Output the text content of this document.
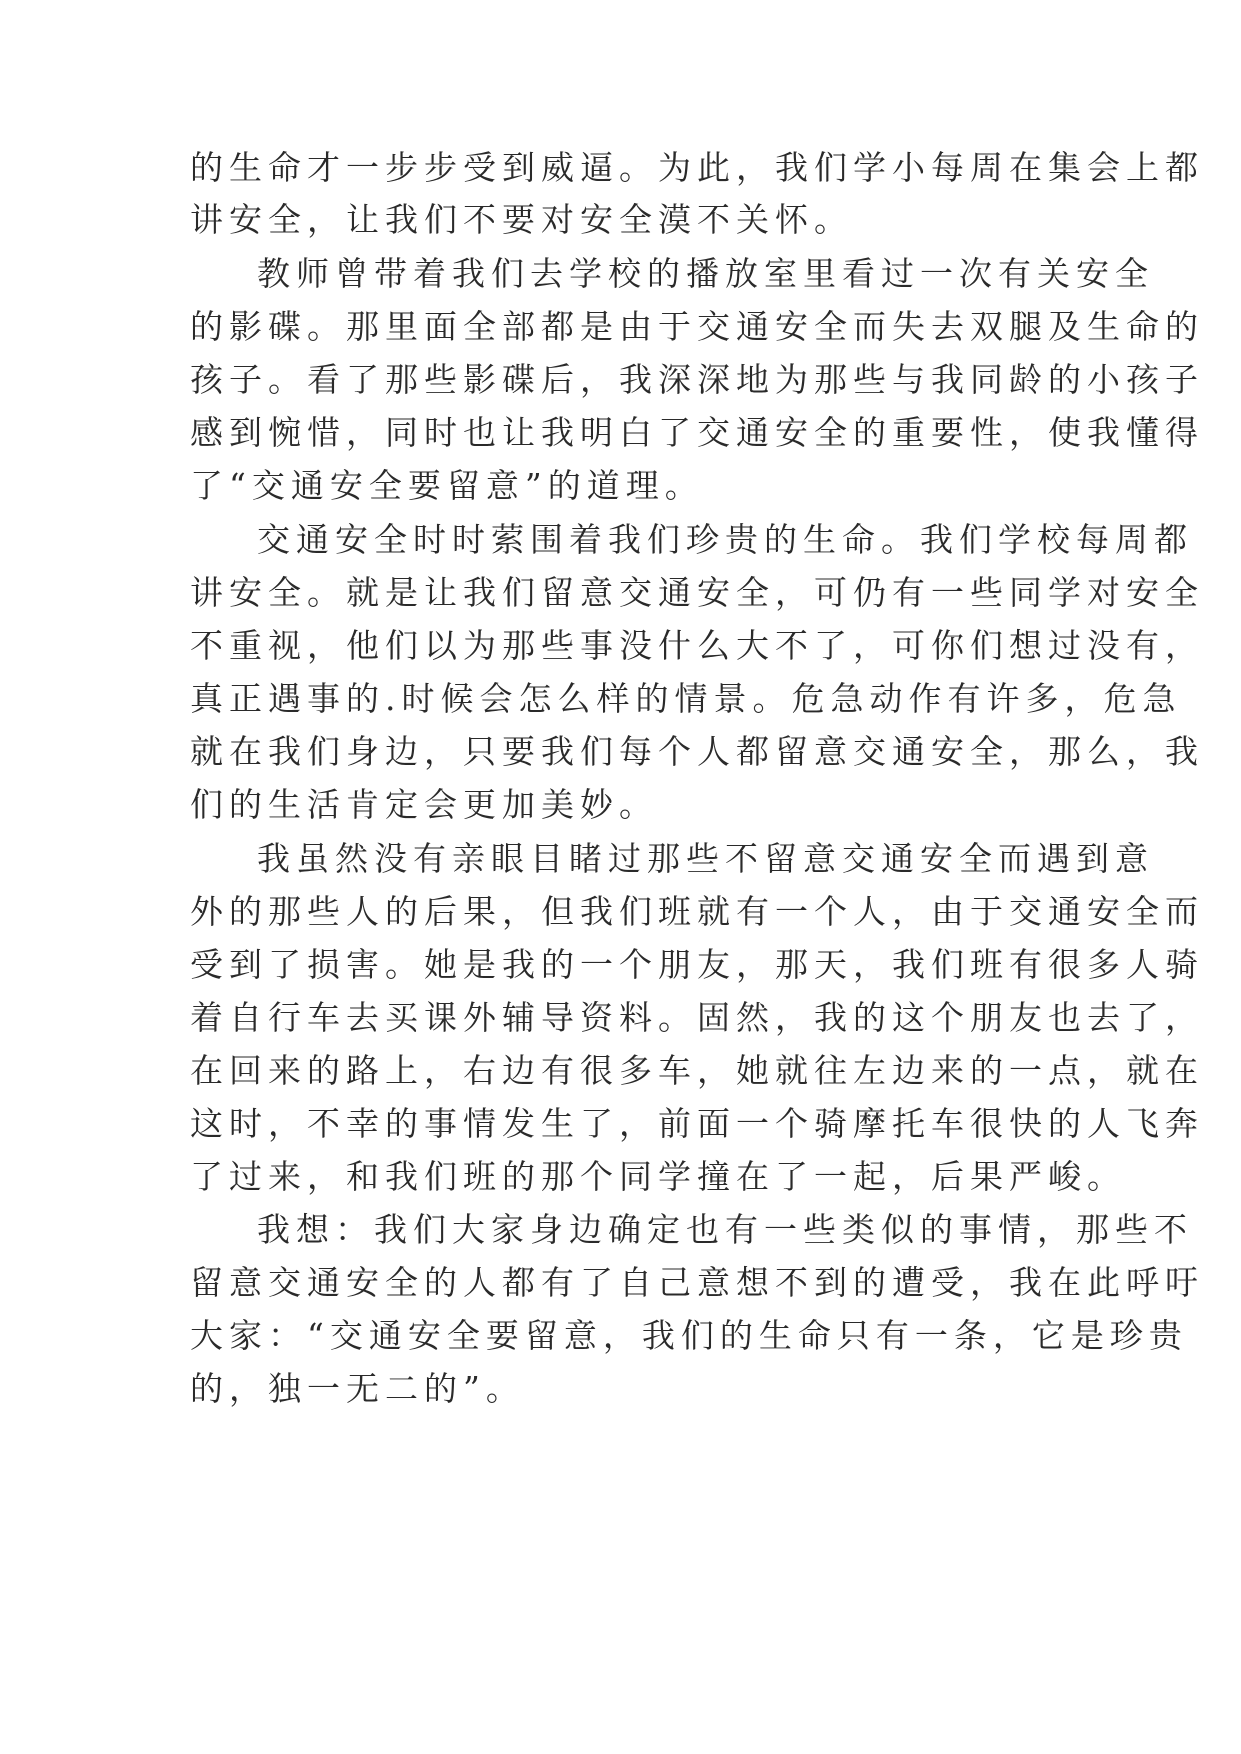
的生命才一步步受到威逼。为此，我们学小每周在集会上都
讲安全，让我们不要对安全漠不关怀。
教师曾带着我们去学校的播放室里看过一次有关安全
的影碟。那里面全部都是由于交通安全而失去双腿及生命的
孩子。看了那些影碟后，我深深地为那些与我同龄的小孩子
感到惋惜，同时也让我明白了交通安全的重要性，使我懂得
了“交通安全要留意”的道理。
交通安全时时萦围着我们珍贵的生命。我们学校每周都
讲安全。就是让我们留意交通安全，可仍有一些同学对安全
不重视，他们以为那些事没什么大不了，可你们想过没有，
真正遇事的.时候会怎么样的情景。危急动作有许多，危急
就在我们身边，只要我们每个人都留意交通安全，那么，我
们的生活肯定会更加美妙。
我虽然没有亲眼目睹过那些不留意交通安全而遇到意
外的那些人的后果，但我们班就有一个人，由于交通安全而
受到了损害。她是我的一个朋友，那天，我们班有很多人骑
着自行车去买课外辅导资料。固然，我的这个朋友也去了，
在回来的路上，右边有很多车，她就往左边来的一点，就在
这时，不幸的事情发生了，前面一个骑摩托车很快的人飞奔
了过来，和我们班的那个同学撞在了一起，后果严峻。
我想：我们大家身边确定也有一些类似的事情，那些不
留意交通安全的人都有了自己意想不到的遭受，我在此呼吁
大家：“交通安全要留意，我们的生命只有一条，它是珍贵
的，独一无二的”。
